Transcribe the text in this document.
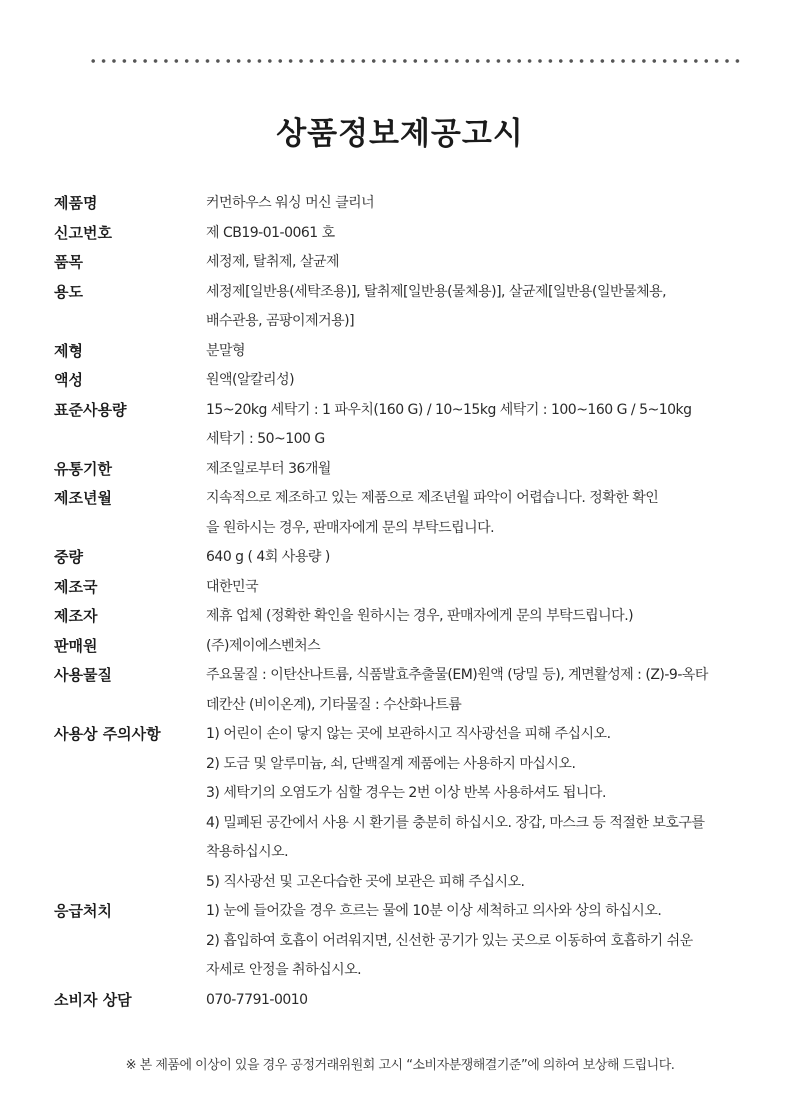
상품정보제공고시
제품명	커먼하우스 워싱 머신 클리너
신고번호	제 CB19-01-0061 호
품목	세정제, 탈취제, 살균제
용도	세정제[일반용(세탁조용)], 탈취제[일반용(물체용)], 살균제[일반용(일반물체용,
배수관용, 곰팡이제거용)]
제형	분말형
액성	원액(알칼리성)
표준사용량	15~20kg 세탁기 : 1 파우치(160 G) / 10~15kg 세탁기 : 100~160 G / 5~10kg
세탁기 : 50~100 G
유통기한	제조일로부터 36개월
제조년월	지속적으로 제조하고 있는 제품으로 제조년월 파악이 어렵습니다. 정확한 확인
을 원하시는 경우, 판매자에게 문의 부탁드립니다.
중량	640 g ( 4회 사용량 )
제조국	대한민국
제조자	제휴 업체 (정확한 확인을 원하시는 경우, 판매자에게 문의 부탁드립니다.)
판매원	(주)제이에스벤처스
사용물질	주요물질 : 이탄산나트륨, 식품발효추출물(EM)원액 (당밀 등), 계면활성제 : (Z)-9-옥타
데칸산 (비이온계), 기타물질 : 수산화나트륨
사용상 주의사항	1) 어린이 손이 닿지 않는 곳에 보관하시고 직사광선을 피해 주십시오.
2) 도금 및 알루미늄, 쇠, 단백질계 제품에는 사용하지 마십시오.
3) 세탁기의 오염도가 심할 경우는 2번 이상 반복 사용하셔도 됩니다.
4) 밀폐된 공간에서 사용 시 환기를 충분히 하십시오. 장갑, 마스크 등 적절한 보호구를
착용하십시오.
5) 직사광선 및 고온다습한 곳에 보관은 피해 주십시오.
응급처치	1) 눈에 들어갔을 경우 흐르는 물에 10분 이상 세척하고 의사와 상의 하십시오.
2) 흡입하여 호흡이 어려워지면, 신선한 공기가 있는 곳으로 이동하여 호흡하기 쉬운
자세로 안정을 취하십시오.
소비자 상담	070-7791-0010
※ 본 제품에 이상이 있을 경우 공정거래위원회 고시 “소비자분쟁해결기준”에 의하여 보상해 드립니다.
